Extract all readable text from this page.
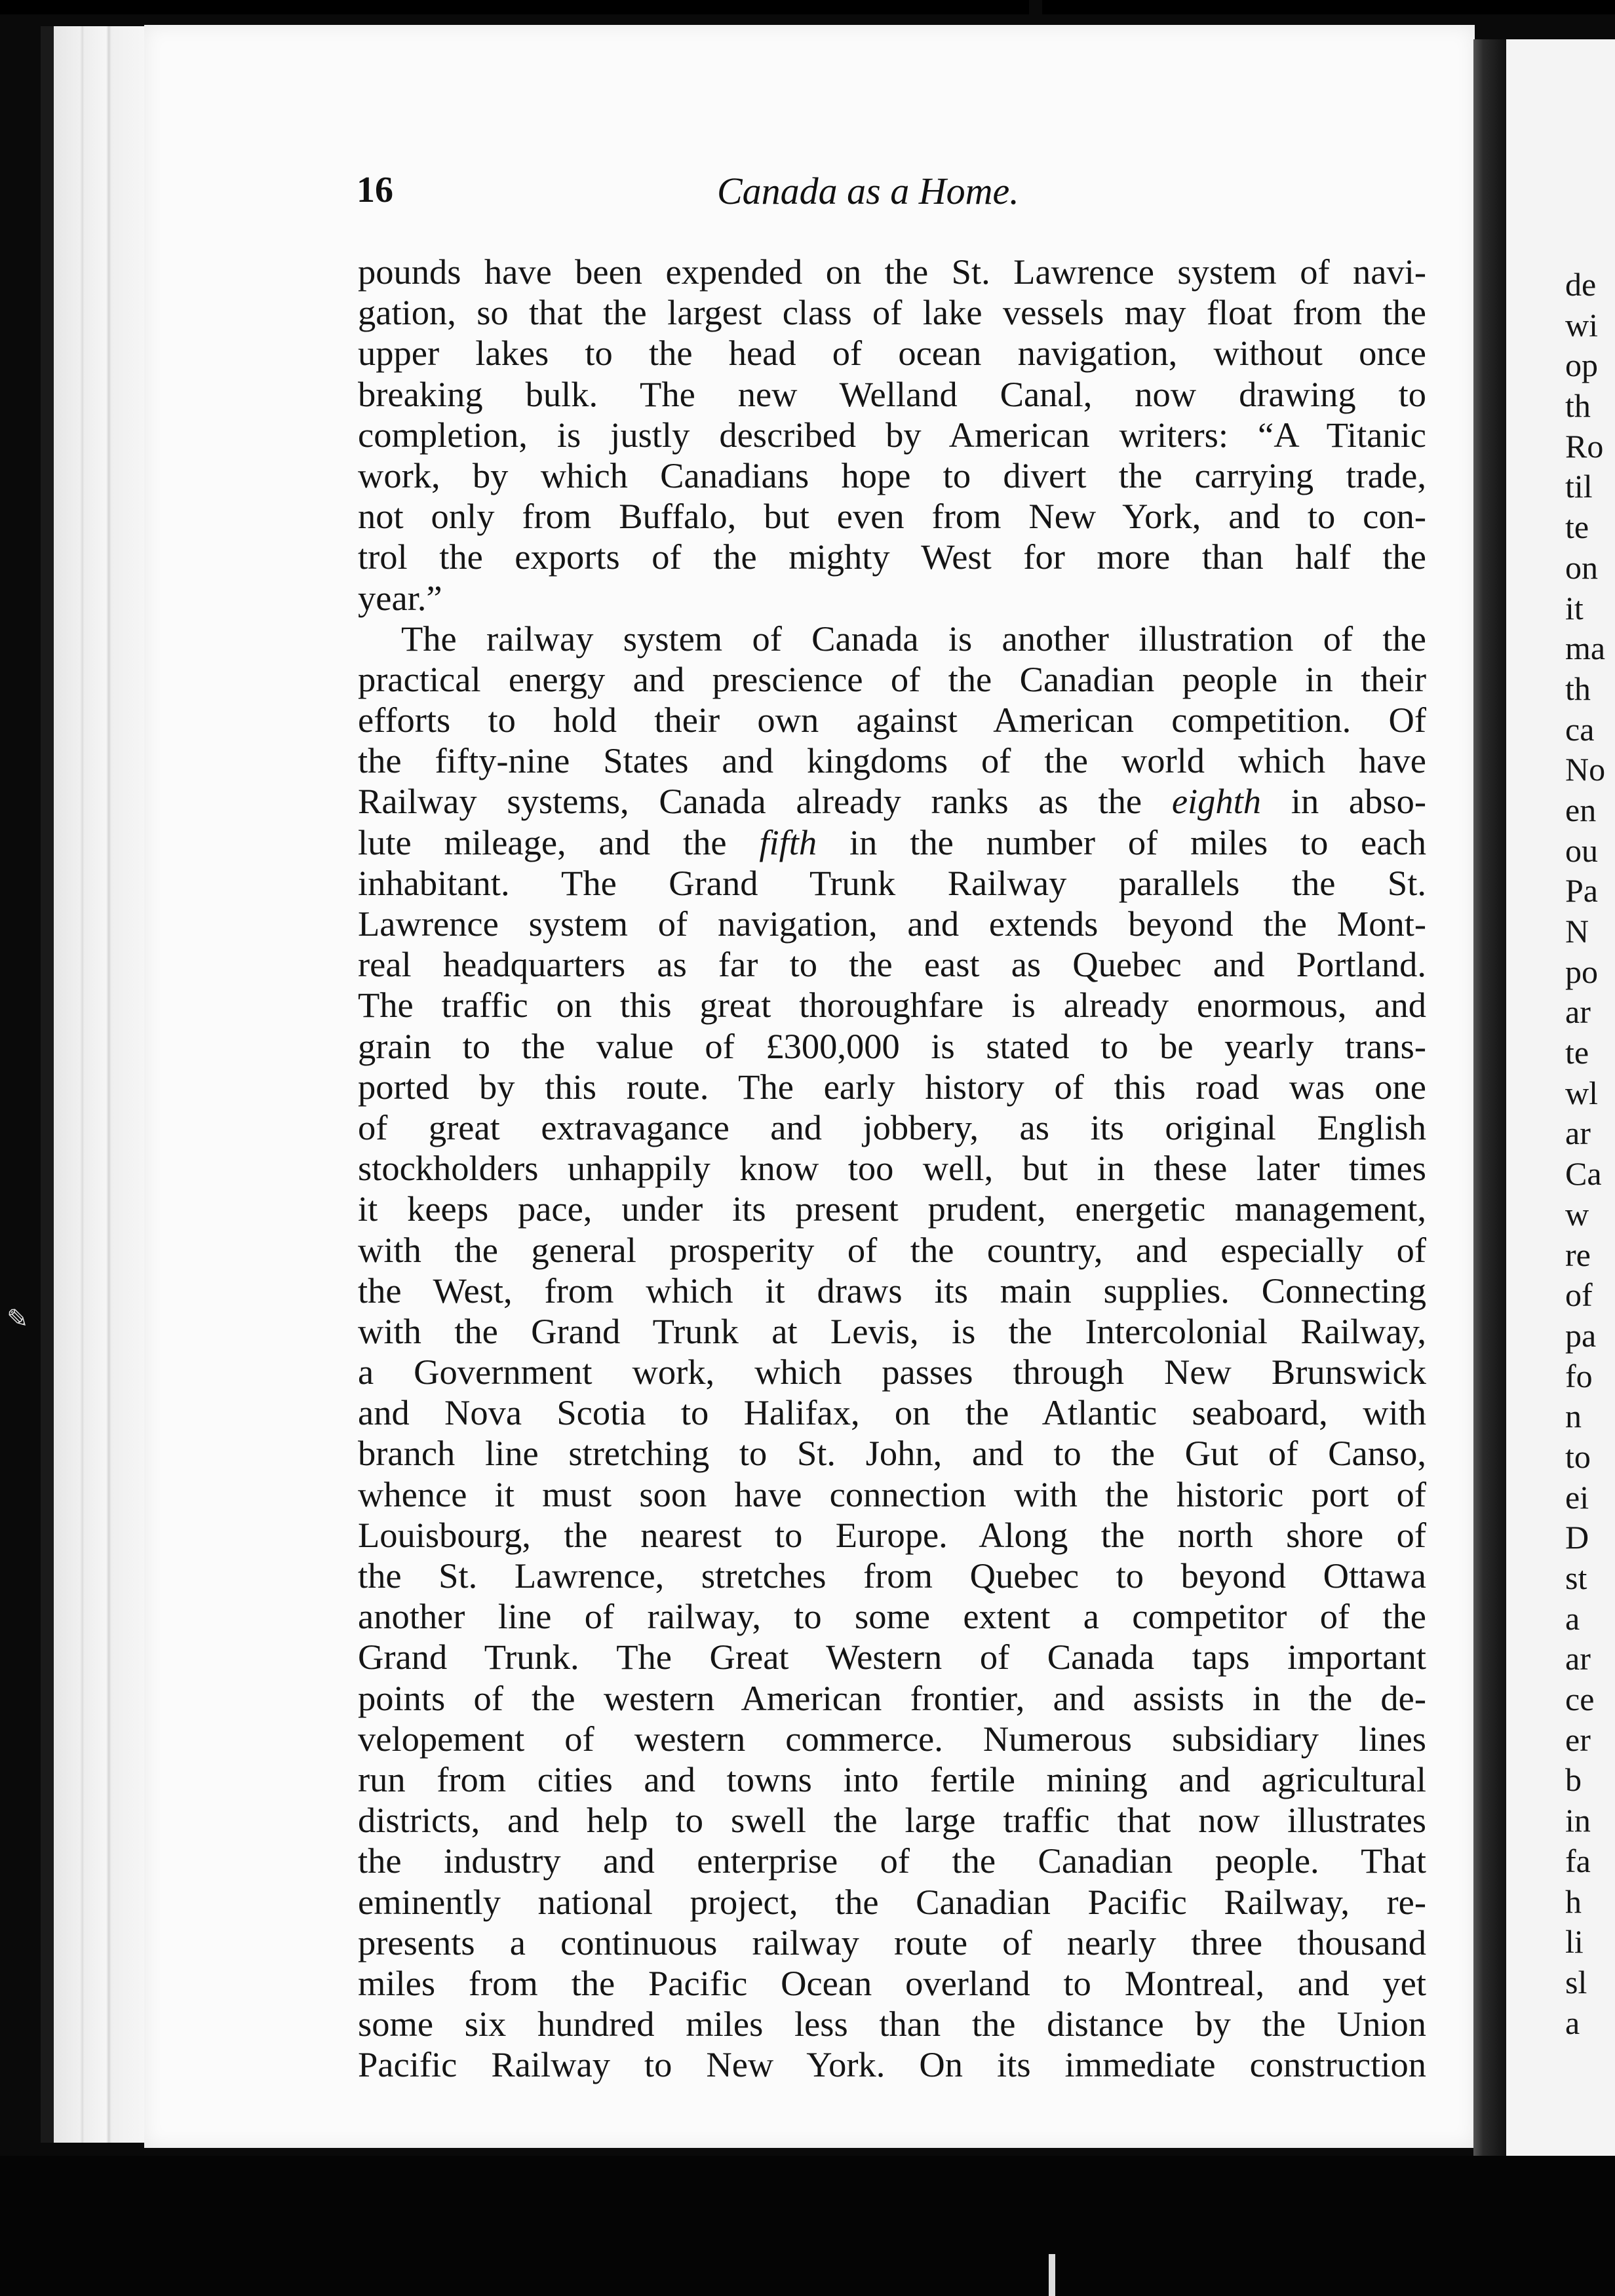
✎
16	Canada as a Home.
pounds have been expended on the St. Lawrence system of navi-
gation, so that the largest class of lake vessels may float from the
upper lakes to the head of ocean navigation, without once
breaking bulk. The new Welland Canal, now drawing to
completion, is justly described by American writers: “A Titanic
work, by which Canadians hope to divert the carrying trade,
not only from Buffalo, but even from New York, and to con-
trol the exports of the mighty West for more than half the
year.”
The railway system of Canada is another illustration of the
practical energy and prescience of the Canadian people in their
efforts to hold their own against American competition. Of
the fifty-nine States and kingdoms of the world which have
Railway systems, Canada already ranks as the eighth in abso-
lute mileage, and the fifth in the number of miles to each
inhabitant. The Grand Trunk Railway parallels the St.
Lawrence system of navigation, and extends beyond the Mont-
real headquarters as far to the east as Quebec and Portland.
The traffic on this great thoroughfare is already enormous, and
grain to the value of £300,000 is stated to be yearly trans-
ported by this route. The early history of this road was one
of great extravagance and jobbery, as its original English
stockholders unhappily know too well, but in these later times
it keeps pace, under its present prudent, energetic management,
with the general prosperity of the country, and especially of
the West, from which it draws its main supplies. Connecting
with the Grand Trunk at Levis, is the Intercolonial Railway,
a Government work, which passes through New Brunswick
and Nova Scotia to Halifax, on the Atlantic seaboard, with
branch line stretching to St. John, and to the Gut of Canso,
whence it must soon have connection with the historic port of
Louisbourg, the nearest to Europe. Along the north shore of
the St. Lawrence, stretches from Quebec to beyond Ottawa
another line of railway, to some extent a competitor of the
Grand Trunk. The Great Western of Canada taps important
points of the western American frontier, and assists in the de-
velopement of western commerce. Numerous subsidiary lines
run from cities and towns into fertile mining and agricultural
districts, and help to swell the large traffic that now illustrates
the industry and enterprise of the Canadian people. That
eminently national project, the Canadian Pacific Railway, re-
presents a continuous railway route of nearly three thousand
miles from the Pacific Ocean overland to Montreal, and yet
some six hundred miles less than the distance by the Union
Pacific Railway to New York. On its immediate construction
de
wi
op
th
Ro
til
te
on
it
ma
th
ca
No
en
ou
Pa
N
po
ar
te
wl
ar
Ca
w
re
of
pa
fo
n
to
ei
D
st
a
ar
ce
er
b
in
fa
h
li
sl
a
